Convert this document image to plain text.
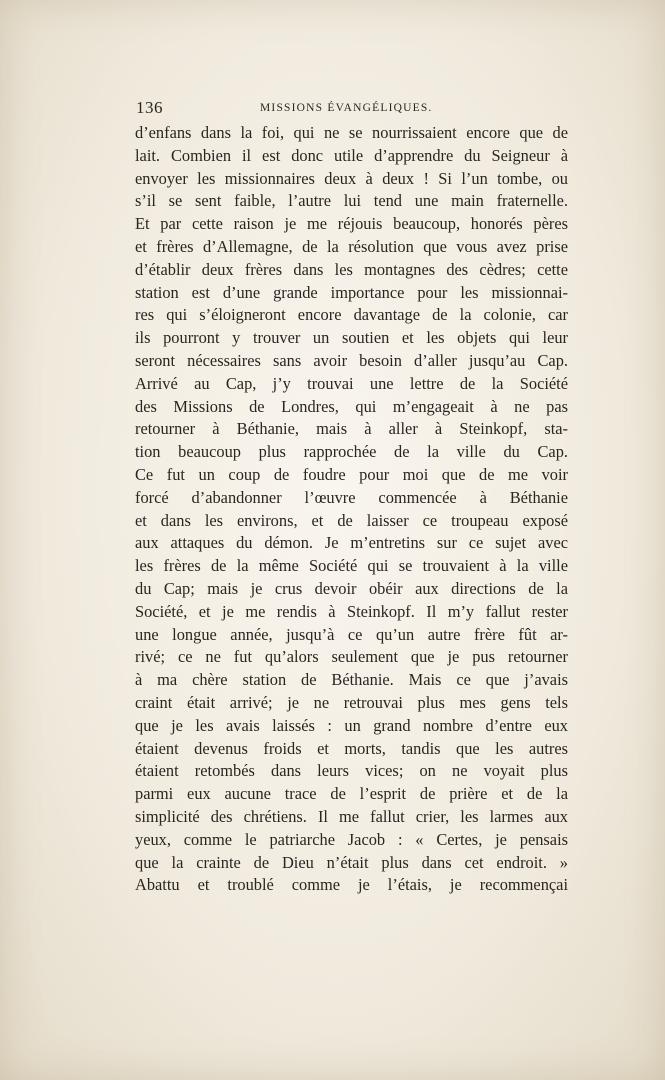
136	MISSIONS ÉVANGÉLIQUES.
d’enfans dans la foi, qui ne se nourrissaient encore que de
lait. Combien il est donc utile d’apprendre du Seigneur à
envoyer les missionnaires deux à deux ! Si l’un tombe, ou
s’il se sent faible, l’autre lui tend une main fraternelle.
Et par cette raison je me réjouis beaucoup, honorés pères
et frères d’Allemagne, de la résolution que vous avez prise
d’établir deux frères dans les montagnes des cèdres; cette
station est d’une grande importance pour les missionnai-
res qui s’éloigneront encore davantage de la colonie, car
ils pourront y trouver un soutien et les objets qui leur
seront nécessaires sans avoir besoin d’aller jusqu’au Cap.
Arrivé au Cap, j’y trouvai une lettre de la Société
des Missions de Londres, qui m’engageait à ne pas
retourner à Béthanie, mais à aller à Steinkopf, sta-
tion beaucoup plus rapprochée de la ville du Cap.
Ce fut un coup de foudre pour moi que de me voir
forcé d’abandonner l’œuvre commencée à Béthanie
et dans les environs, et de laisser ce troupeau exposé
aux attaques du démon. Je m’entretins sur ce sujet avec
les frères de la même Société qui se trouvaient à la ville
du Cap; mais je crus devoir obéir aux directions de la
Société, et je me rendis à Steinkopf. Il m’y fallut rester
une longue année, jusqu’à ce qu’un autre frère fût ar-
rivé; ce ne fut qu’alors seulement que je pus retourner
à ma chère station de Béthanie. Mais ce que j’avais
craint était arrivé; je ne retrouvai plus mes gens tels
que je les avais laissés : un grand nombre d’entre eux
étaient devenus froids et morts, tandis que les autres
étaient retombés dans leurs vices; on ne voyait plus
parmi eux aucune trace de l’esprit de prière et de la
simplicité des chrétiens. Il me fallut crier, les larmes aux
yeux, comme le patriarche Jacob : « Certes, je pensais
que la crainte de Dieu n’était plus dans cet endroit. »
Abattu et troublé comme je l’étais, je recommençai
